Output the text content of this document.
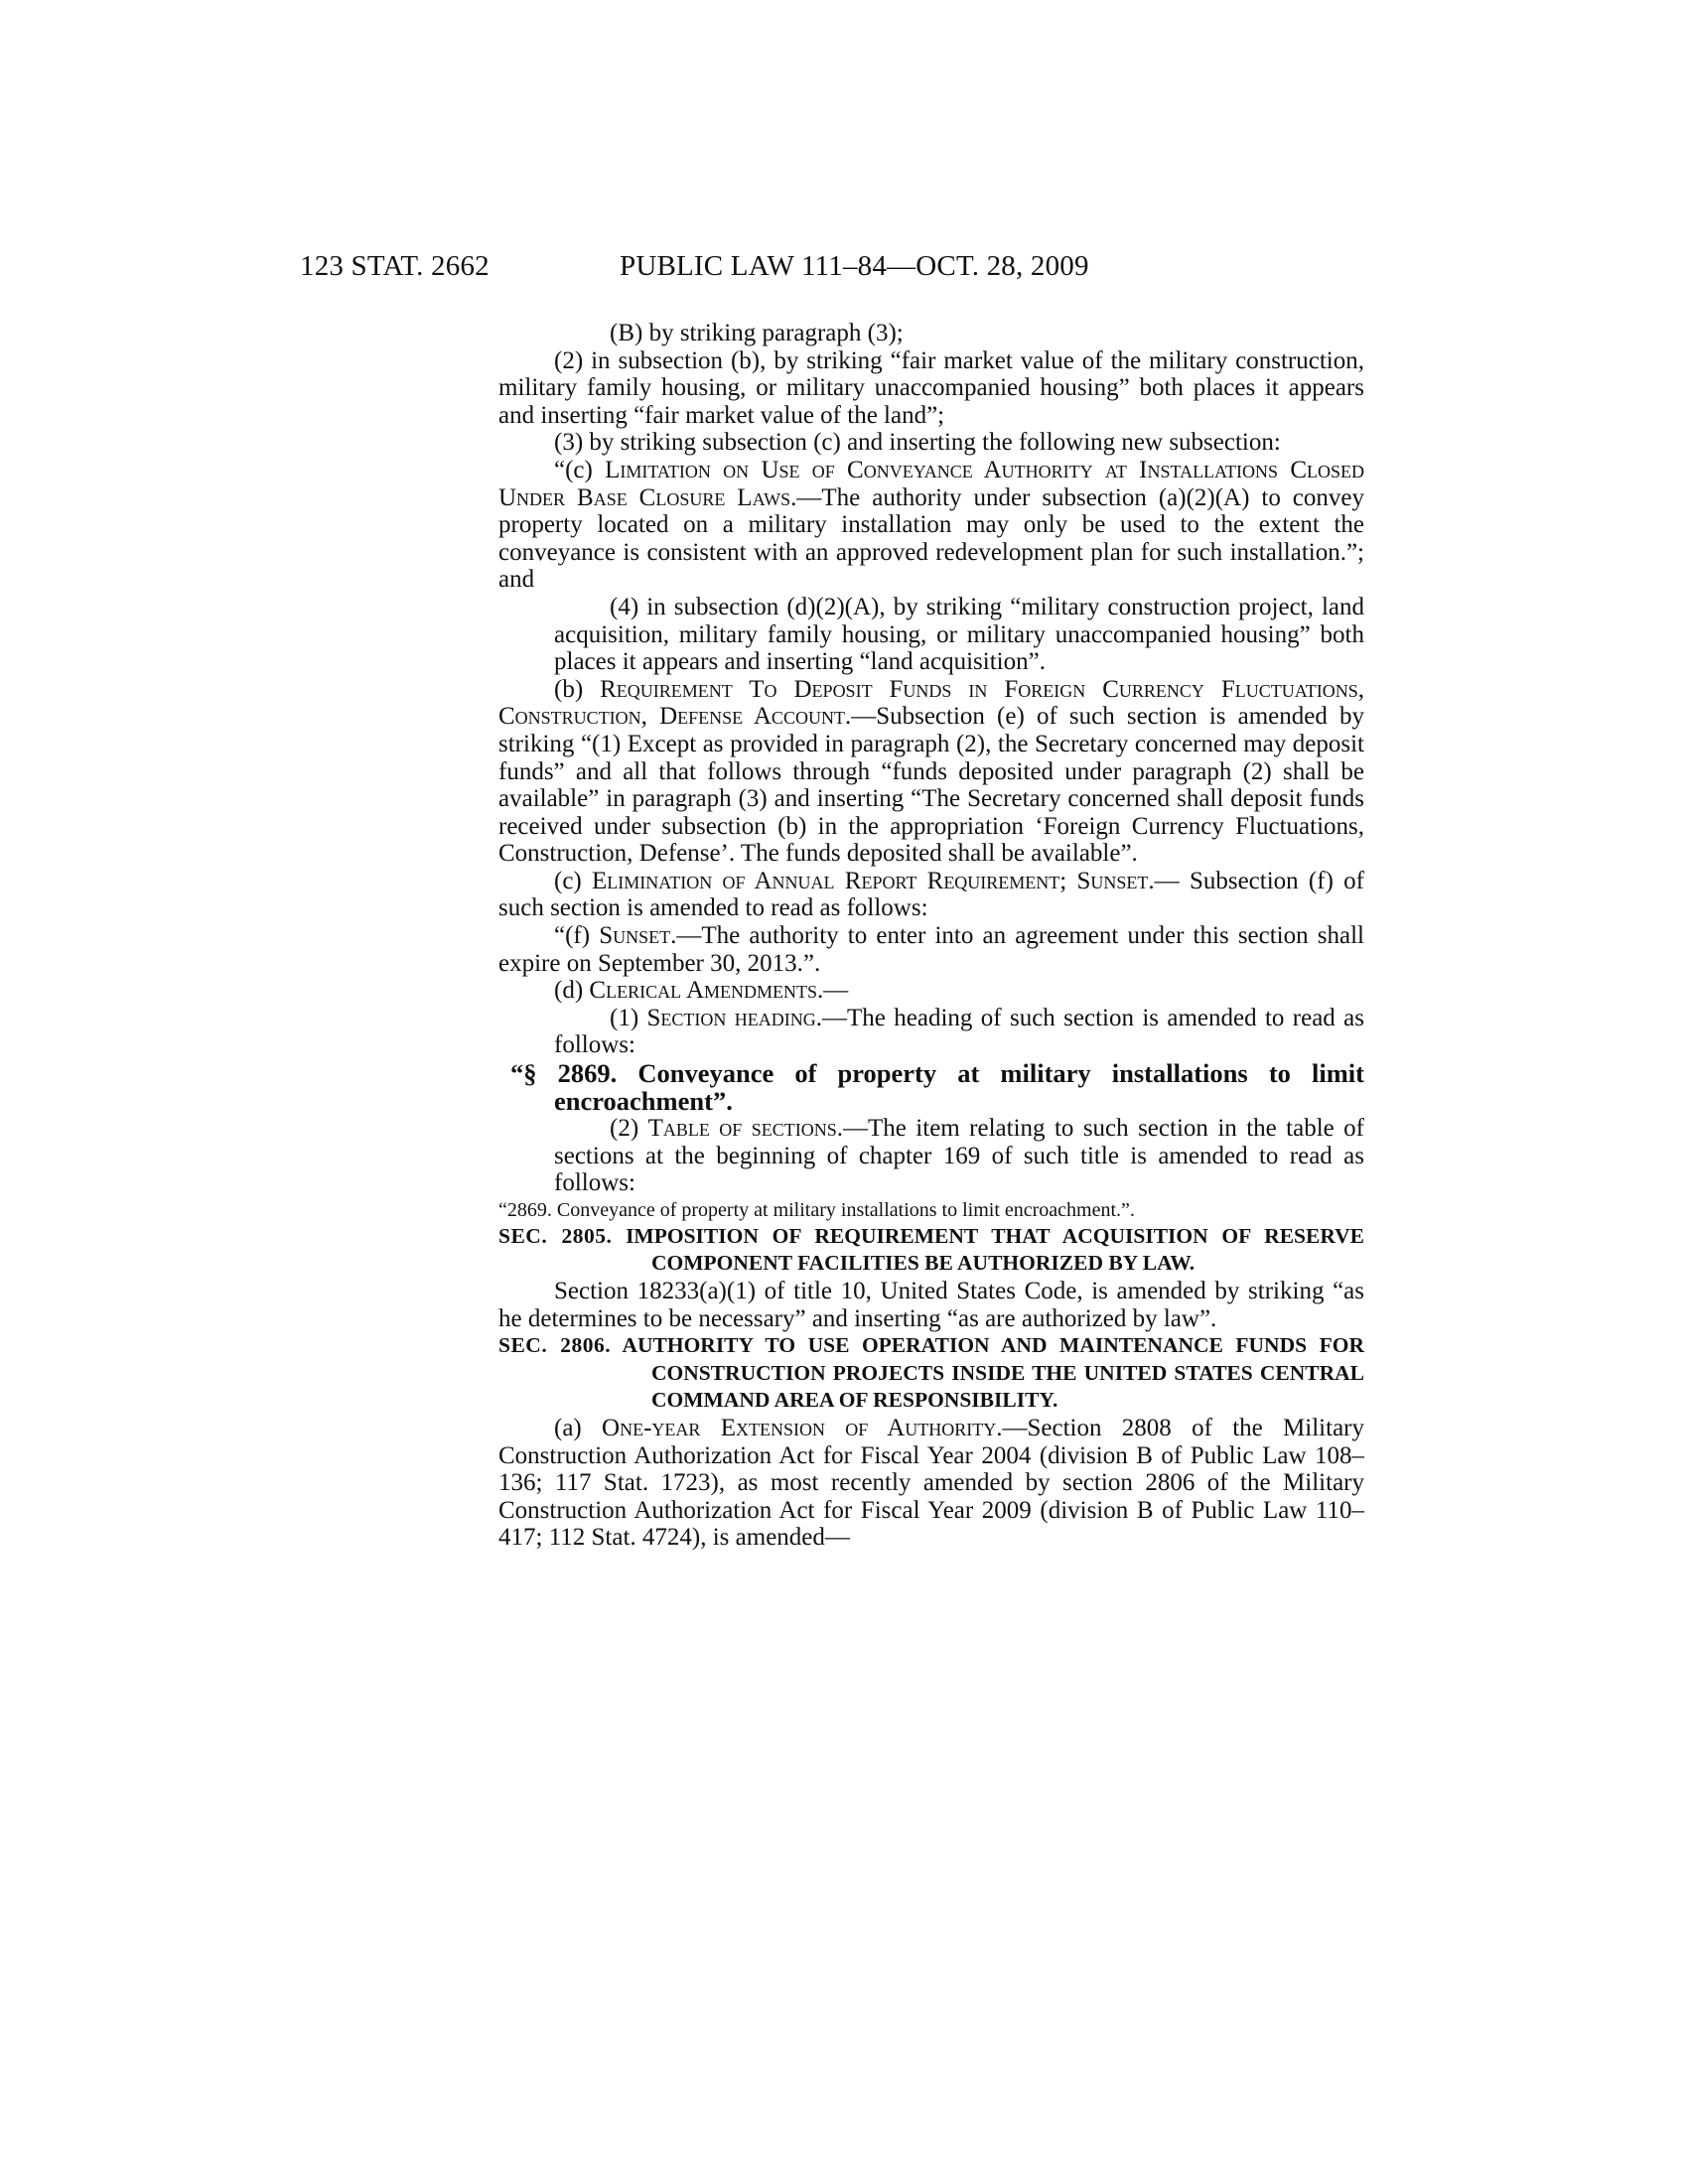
123 STAT. 2662	PUBLIC LAW 111–84—OCT. 28, 2009

(B) by striking paragraph (3);

(2) in subsection (b), by striking “fair market value of the military construction, military family housing, or military unaccompanied housing” both places it appears and inserting “fair market value of the land”;

(3) by striking subsection (c) and inserting the following new subsection:

“(c) Limitation on Use of Conveyance Authority at Installations Closed Under Base Closure Laws.—The authority under subsection (a)(2)(A) to convey property located on a military installation may only be used to the extent the conveyance is consistent with an approved redevelopment plan for such installation.”; and

(4) in subsection (d)(2)(A), by striking “military construction project, land acquisition, military family housing, or military unaccompanied housing” both places it appears and inserting “land acquisition”.

(b) Requirement To Deposit Funds in Foreign Currency Fluctuations, Construction, Defense Account.—Subsection (e) of such section is amended by striking “(1) Except as provided in paragraph (2), the Secretary concerned may deposit funds” and all that follows through “funds deposited under paragraph (2) shall be available” in paragraph (3) and inserting “The Secretary concerned shall deposit funds received under subsection (b) in the appropriation ‘Foreign Currency Fluctuations, Construction, Defense’. The funds deposited shall be available”.

(c) Elimination of Annual Report Requirement; Sunset.— Subsection (f) of such section is amended to read as follows:

“(f) Sunset.—The authority to enter into an agreement under this section shall expire on September 30, 2013.”.

(d) Clerical Amendments.—

(1) Section heading.—The heading of such section is amended to read as follows:

“§ 2869. Conveyance of property at military installations to limit encroachment”.

(2) Table of sections.—The item relating to such section in the table of sections at the beginning of chapter 169 of such title is amended to read as follows:

“2869. Conveyance of property at military installations to limit encroachment.”.

SEC. 2805. IMPOSITION OF REQUIREMENT THAT ACQUISITION OF RESERVE COMPONENT FACILITIES BE AUTHORIZED BY LAW.

Section 18233(a)(1) of title 10, United States Code, is amended by striking “as he determines to be necessary” and inserting “as are authorized by law”.

SEC. 2806. AUTHORITY TO USE OPERATION AND MAINTENANCE FUNDS FOR CONSTRUCTION PROJECTS INSIDE THE UNITED STATES CENTRAL COMMAND AREA OF RESPONSIBILITY.

(a) One-year Extension of Authority.—Section 2808 of the Military Construction Authorization Act for Fiscal Year 2004 (division B of Public Law 108–136; 117 Stat. 1723), as most recently amended by section 2806 of the Military Construction Authorization Act for Fiscal Year 2009 (division B of Public Law 110–417; 112 Stat. 4724), is amended—
